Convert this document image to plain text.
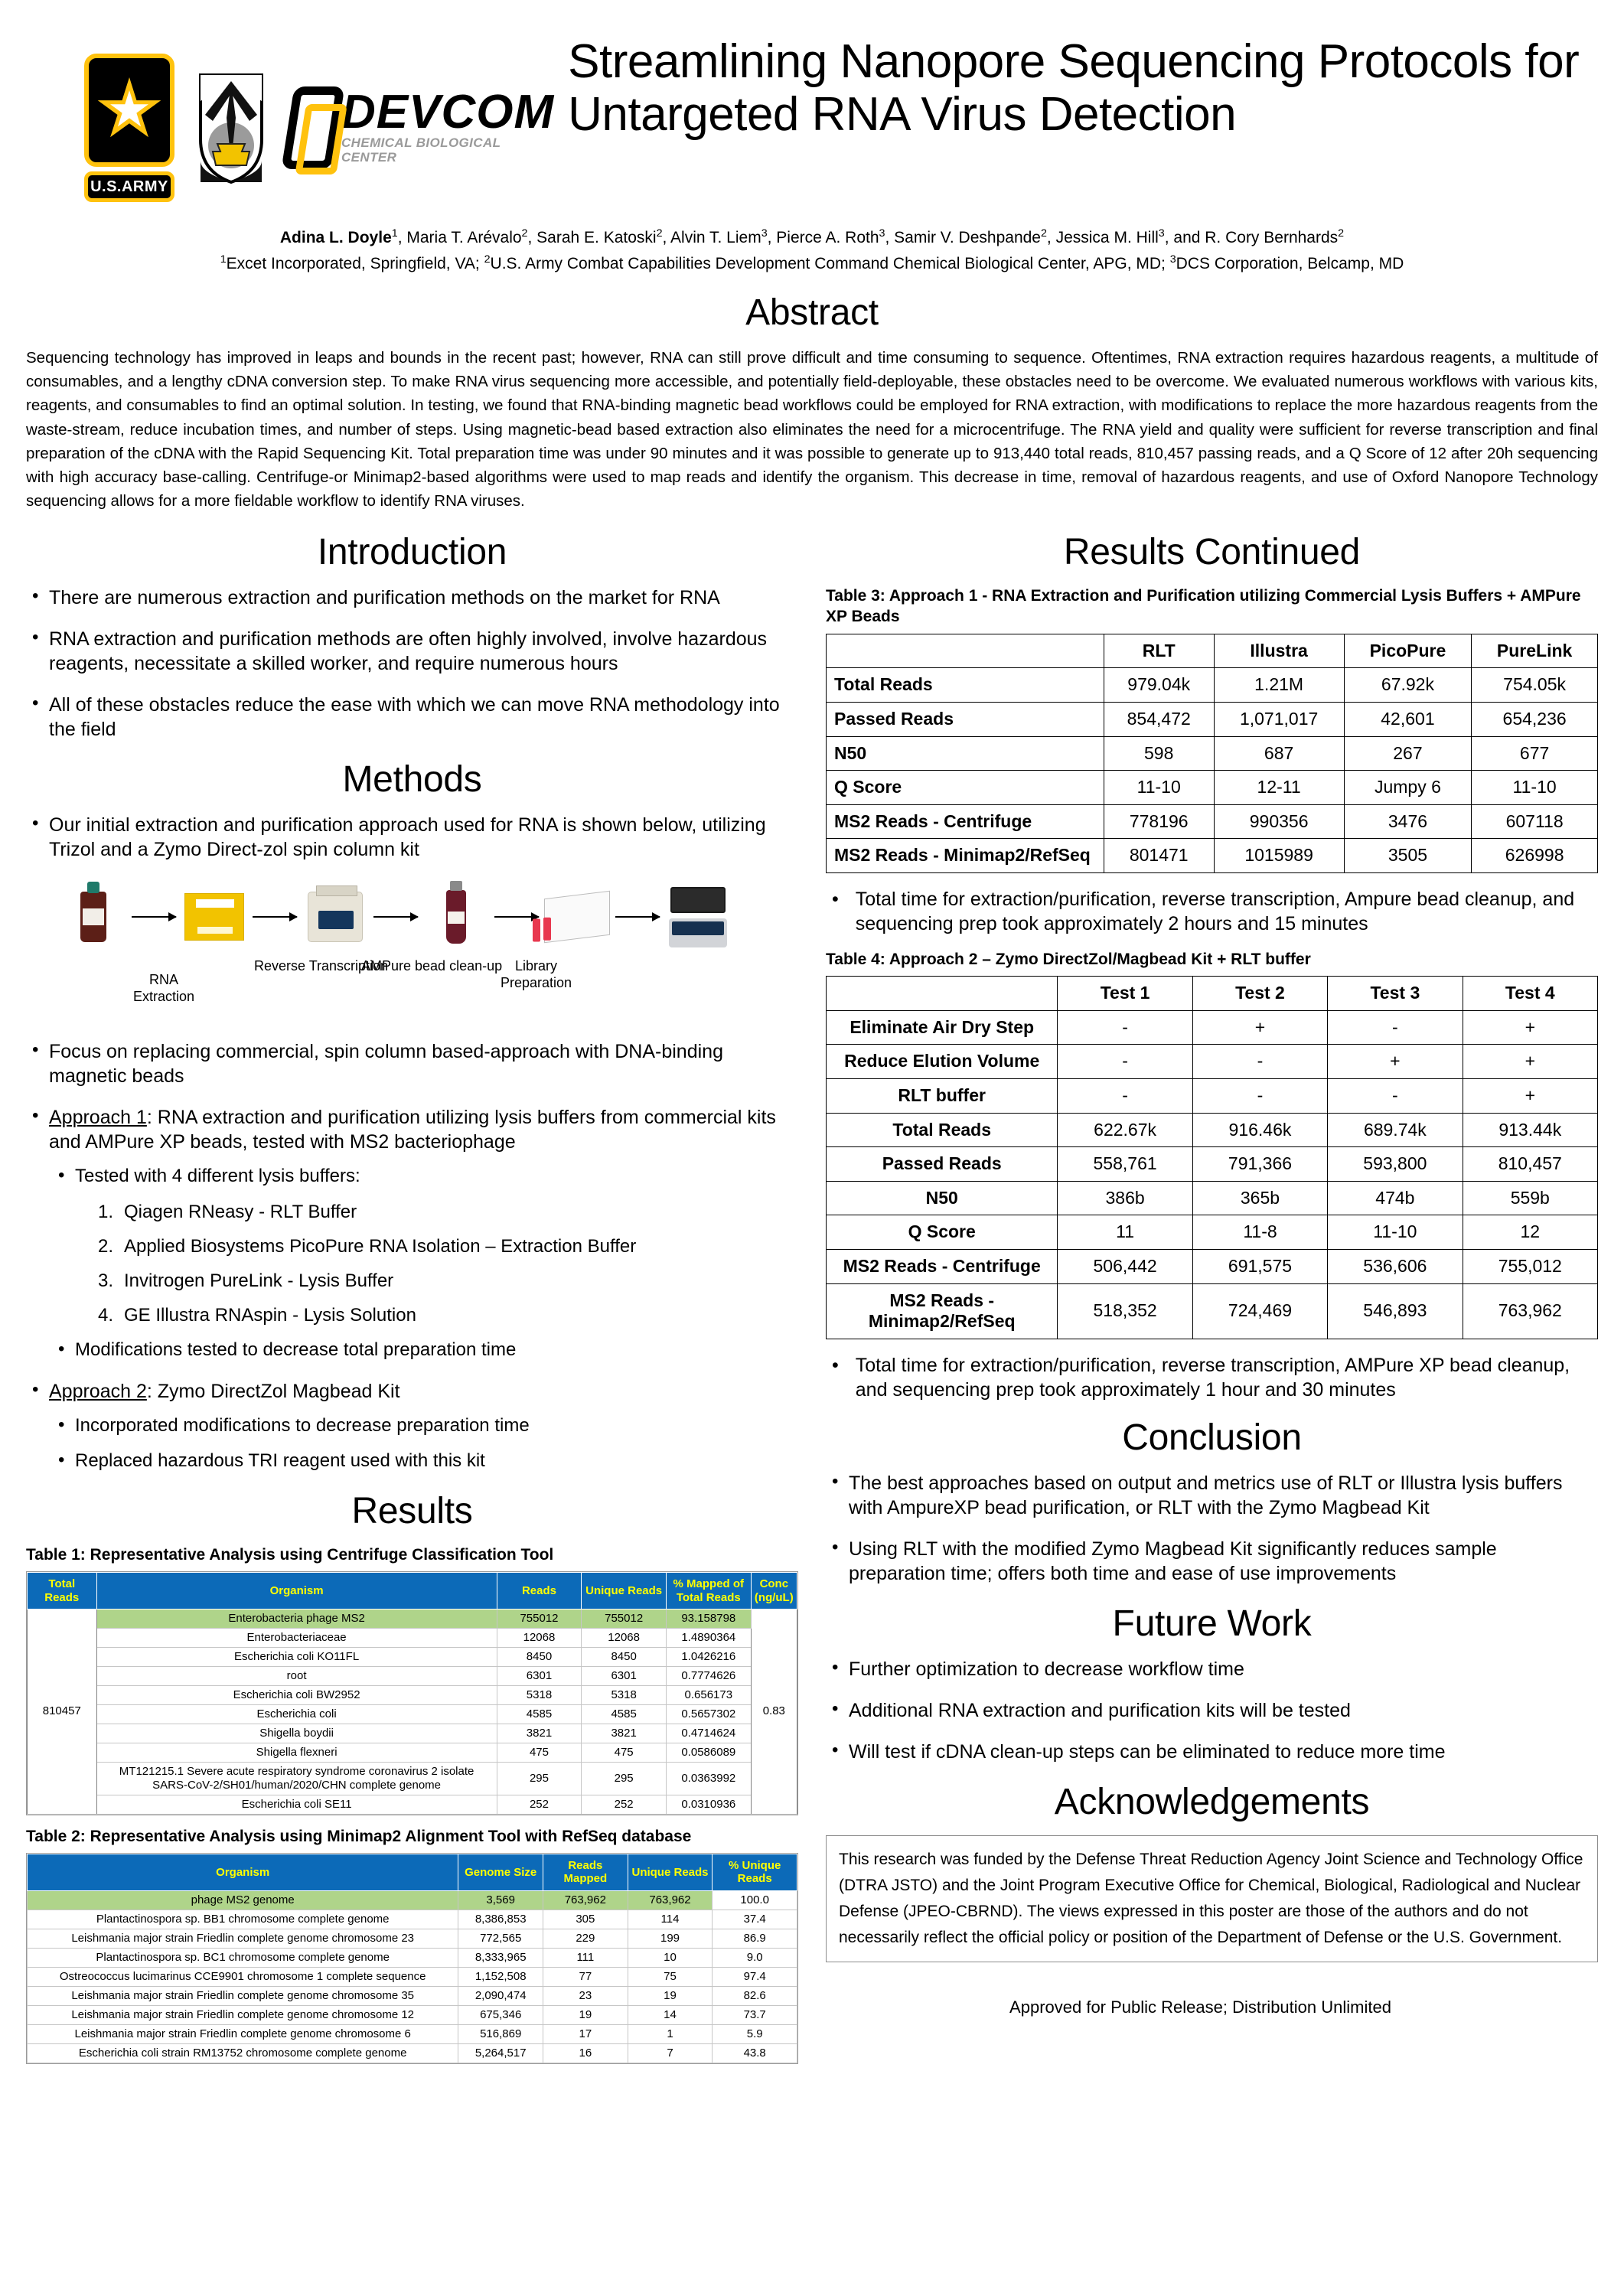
U.S.ARMY
DEVCOM
CHEMICAL BIOLOGICAL
CENTER
Streamlining Nanopore Sequencing Protocols for Untargeted RNA Virus Detection
Adina L. Doyle$^1$, Maria T. Arévalo$^2$, Sarah E. Katoski$^2$, Alvin T. Liem$^3$, Pierce A. Roth$^3$, Samir V. Deshpande$^2$, Jessica M. Hill$^3$, and R. Cory Bernhards$^2$
$^1$Excet Incorporated, Springfield, VA; $^2$U.S. Army Combat Capabilities Development Command Chemical Biological Center, APG, MD; $^3$DCS Corporation, Belcamp, MD
Abstract
Sequencing technology has improved in leaps and bounds in the recent past; however, RNA can still prove difficult and time consuming to sequence. Oftentimes, RNA extraction requires hazardous reagents, a multitude of consumables, and a lengthy cDNA conversion step. To make RNA virus sequencing more accessible, and potentially field-deployable, these obstacles need to be overcome. We evaluated numerous workflows with various kits, reagents, and consumables to find an optimal solution. In testing, we found that RNA-binding magnetic bead workflows could be employed for RNA extraction, with modifications to replace the more hazardous reagents from the waste-stream, reduce incubation times, and number of steps. Using magnetic-bead based extraction also eliminates the need for a microcentrifuge. The RNA yield and quality were sufficient for reverse transcription and final preparation of the cDNA with the Rapid Sequencing Kit. Total preparation time was under 90 minutes and it was possible to generate up to 913,440 total reads, 810,457 passing reads, and a Q Score of 12 after 20h sequencing with high accuracy base-calling. Centrifuge-or Minimap2-based algorithms were used to map reads and identify the organism. This decrease in time, removal of hazardous reagents, and use of Oxford Nanopore Technology sequencing allows for a more fieldable workflow to identify RNA viruses.
Introduction
• There are numerous extraction and purification methods on the market for RNA
• RNA extraction and purification methods are often highly involved, involve hazardous reagents, necessitate a skilled worker, and require numerous hours
• All of these obstacles reduce the ease with which we can move RNA methodology into the field
Methods
• Our initial extraction and purification approach used for RNA is shown below, utilizing Trizol and a Zymo Direct-zol spin column kit
RNA
Extraction
Reverse Transcription
AMPure bead clean-up Library
Preparation
• Focus on replacing commercial, spin column based-approach with DNA-binding magnetic beads
• Approach 1: RNA extraction and purification utilizing lysis buffers from commercial kits and AMPure XP beads, tested with MS2 bacteriophage
• Tested with 4 different lysis buffers:
Qiagen RNeasy - RLT Buffer
Applied Biosystems PicoPure RNA Isolation – Extraction Buffer
Invitrogen PureLink - Lysis Buffer
GE Illustra RNAspin - Lysis Solution
• Modifications tested to decrease total preparation time
• Approach 2: Zymo DirectZol Magbead Kit
• Incorporated modifications to decrease preparation time
• Replaced hazardous TRI reagent used with this kit
Results
Table 1: Representative Analysis using Centrifuge Classification Tool
Total Reads	Organism	Reads	Unique Reads	% Mapped of Total Reads	Conc (ng/uL)
810457	Enterobacteria phage MS2	755012	755012	93.158798	0.83
	Enterobacteriaceae	12068	12068	1.4890364	
	Escherichia coli KO11FL	8450	8450	1.0426216	
	root	6301	6301	0.7774626	
	Escherichia coli BW2952	5318	5318	0.656173	
	Escherichia coli	4585	4585	0.5657302	
	Shigella boydii	3821	3821	0.4714624	
	Shigella flexneri	475	475	0.0586089	
	MT121215.1 Severe acute respiratory syndrome coronavirus 2 isolate SARS-CoV-2/SH01/human/2020/CHN complete genome	295	295	0.0363992	
	Escherichia coli SE11	252	252	0.0310936	
Table 2: Representative Analysis using Minimap2 Alignment Tool with RefSeq database
Organism	Genome Size	Reads Mapped	Unique Reads	% Unique Reads
phage MS2 genome	3,569	763,962	763,962	100.0
Plantactinospora sp. BB1 chromosome complete genome	8,386,853	305	114	37.4
Leishmania major strain Friedlin complete genome chromosome 23	772,565	229	199	86.9
Plantactinospora sp. BC1 chromosome complete genome	8,333,965	111	10	9.0
Ostreococcus lucimarinus CCE9901 chromosome 1 complete sequence	1,152,508	77	75	97.4
Leishmania major strain Friedlin complete genome chromosome 35	2,090,474	23	19	82.6
Leishmania major strain Friedlin complete genome chromosome 12	675,346	19	14	73.7
Leishmania major strain Friedlin complete genome chromosome 6	516,869	17	1	5.9
Escherichia coli strain RM13752 chromosome complete genome	5,264,517	16	7	43.8
Results Continued
Table 3: Approach 1 - RNA Extraction and Purification utilizing Commercial Lysis Buffers + AMPure XP Beads
	RLT	Illustra	PicoPure	PureLink
Total Reads	979.04k	1.21M	67.92k	754.05k
Passed Reads	854,472	1,071,017	42,601	654,236
N50	598	687	267	677
Q Score	11-10	12-11	Jumpy 6	11-10
MS2 Reads - Centrifuge	778196	990356	3476	607118
MS2 Reads - Minimap2/RefSeq	801471	1015989	3505	626998
• Total time for extraction/purification, reverse transcription, Ampure bead cleanup, and sequencing prep took approximately 2 hours and 15 minutes
Table 4: Approach 2 – Zymo DirectZol/Magbead Kit + RLT buffer
	Test 1	Test 2	Test 3	Test 4
Eliminate Air Dry Step	-	+	-	+
Reduce Elution Volume	-	-	+	+
RLT buffer	-	-	-	+
Total Reads	622.67k	916.46k	689.74k	913.44k
Passed Reads	558,761	791,366	593,800	810,457
N50	386b	365b	474b	559b
Q Score	11	11-8	11-10	12
MS2 Reads - Centrifuge	506,442	691,575	536,606	755,012
MS2 Reads - Minimap2/RefSeq	518,352	724,469	546,893	763,962
• Total time for extraction/purification, reverse transcription, AMPure XP bead cleanup, and sequencing prep took approximately 1 hour and 30 minutes
Conclusion
• The best approaches based on output and metrics use of RLT or Illustra lysis buffers with AmpureXP bead purification, or RLT with the Zymo Magbead Kit
• Using RLT with the modified Zymo Magbead Kit significantly reduces sample preparation time; offers both time and ease of use improvements
Future Work
• Further optimization to decrease workflow time
• Additional RNA extraction and purification kits will be tested
• Will test if cDNA clean-up steps can be eliminated to reduce more time
Acknowledgements
This research was funded by the Defense Threat Reduction Agency Joint Science and Technology Office (DTRA JSTO) and the Joint Program Executive Office for Chemical, Biological, Radiological and Nuclear Defense (JPEO-CBRND). The views expressed in this poster are those of the authors and do not necessarily reflect the official policy or position of the Department of Defense or the U.S. Government.
Approved for Public Release; Distribution Unlimited
